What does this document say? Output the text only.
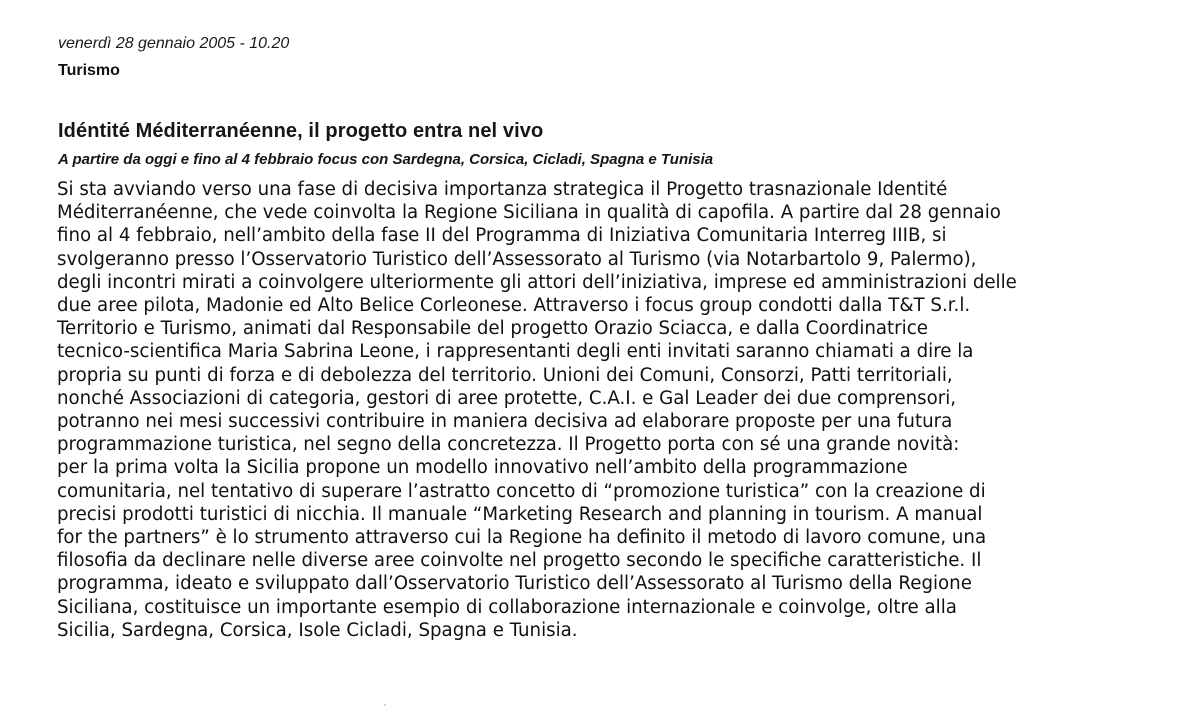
venerdì 28 gennaio 2005 - 10.20
Turismo
Idéntité Méditerranéenne, il progetto entra nel vivo
A partire da oggi e fino al 4 febbraio focus con Sardegna, Corsica, Cicladi, Spagna e Tunisia
Si sta avviando verso una fase di decisiva importanza strategica il Progetto trasnazionale Identité
Méditerranéenne, che vede coinvolta la Regione Siciliana in qualità di capofila. A partire dal 28 gennaio
fino al 4 febbraio, nell’ambito della fase II del Programma di Iniziativa Comunitaria Interreg IIIB, si
svolgeranno presso l’Osservatorio Turistico dell’Assessorato al Turismo (via Notarbartolo 9, Palermo),
degli incontri mirati a coinvolgere ulteriormente gli attori dell’iniziativa, imprese ed amministrazioni delle
due aree pilota, Madonie ed Alto Belice Corleonese. Attraverso i focus group condotti dalla T&T S.r.l.
Territorio e Turismo, animati dal Responsabile del progetto Orazio Sciacca, e dalla Coordinatrice
tecnico-scientifica Maria Sabrina Leone, i rappresentanti degli enti invitati saranno chiamati a dire la
propria su punti di forza e di debolezza del territorio. Unioni dei Comuni, Consorzi, Patti territoriali,
nonché Associazioni di categoria, gestori di aree protette, C.A.I. e Gal Leader dei due comprensori,
potranno nei mesi successivi contribuire in maniera decisiva ad elaborare proposte per una futura
programmazione turistica, nel segno della concretezza. Il Progetto porta con sé una grande novità:
per la prima volta la Sicilia propone un modello innovativo nell’ambito della programmazione
comunitaria, nel tentativo di superare l’astratto concetto di “promozione turistica” con la creazione di
precisi prodotti turistici di nicchia. Il manuale “Marketing Research and planning in tourism. A manual
for the partners” è lo strumento attraverso cui la Regione ha definito il metodo di lavoro comune, una
filosofia da declinare nelle diverse aree coinvolte nel progetto secondo le specifiche caratteristiche. Il
programma, ideato e sviluppato dall’Osservatorio Turistico dell’Assessorato al Turismo della Regione
Siciliana, costituisce un importante esempio di collaborazione internazionale e coinvolge, oltre alla
Sicilia, Sardegna, Corsica, Isole Cicladi, Spagna e Tunisia.
